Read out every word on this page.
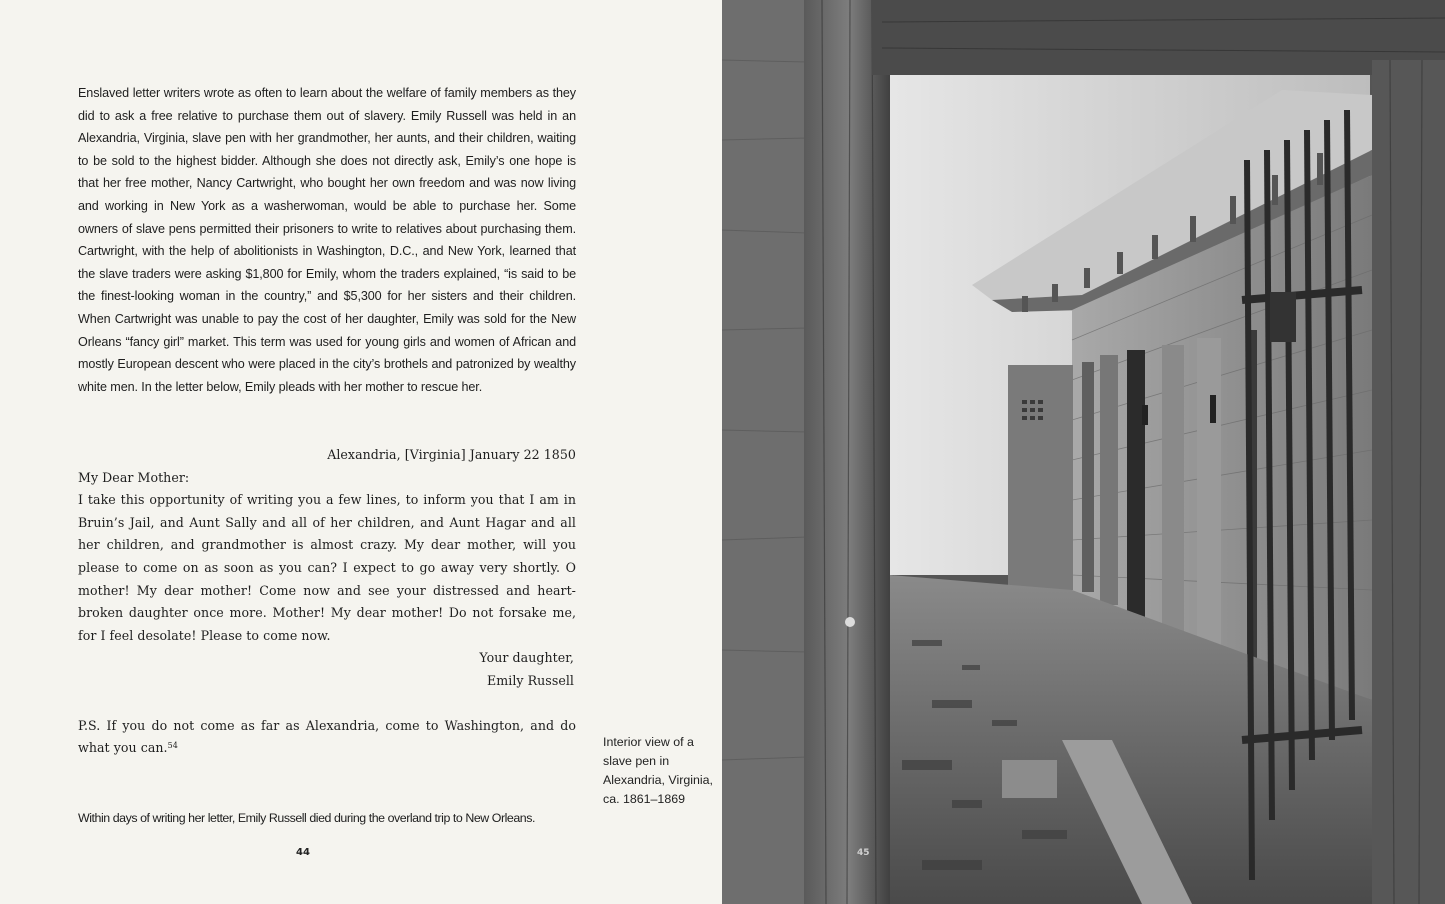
Enslaved letter writers wrote as often to learn about the welfare of family members as they did to ask a free relative to purchase them out of slavery. Emily Russell was held in an Alexandria, Virginia, slave pen with her grandmother, her aunts, and their children, waiting to be sold to the highest bidder. Although she does not directly ask, Emily’s one hope is that her free mother, Nancy Cartwright, who bought her own freedom and was now living and working in New York as a washerwoman, would be able to purchase her. Some owners of slave pens permitted their prisoners to write to relatives about purchasing them. Cartwright, with the help of abolitionists in Washington, D.C., and New York, learned that the slave traders were asking $1,800 for Emily, whom the traders explained, “is said to be the finest-looking woman in the country,” and $5,300 for her sisters and their children. When Cartwright was unable to pay the cost of her daughter, Emily was sold for the New Orleans “fancy girl” market. This term was used for young girls and women of African and mostly European descent who were placed in the city’s brothels and patronized by wealthy white men. In the letter below, Emily pleads with her mother to rescue her.

Alexandria, [Virginia] January 22 1850

My Dear Mother:

I take this opportunity of writing you a few lines, to inform you that I am in Bruin’s Jail, and Aunt Sally and all of her children, and Aunt Hagar and all her children, and grandmother is almost crazy. My dear mother, will you please to come on as soon as you can? I expect to go away very shortly. O mother! My dear mother! Come now and see your distressed and heart-broken daughter once more. Mother! My dear mother! Do not forsake me, for I feel desolate! Please to come now.

Your daughter,

Emily Russell

P.S. If you do not come as far as Alexandria, come to Washington, and do what you can.$^{54}$

Within days of writing her letter, Emily Russell died during the overland trip to New Orleans.

Interior view of a slave pen in Alexandria, Virginia, ca. 1861–1869

44	45
